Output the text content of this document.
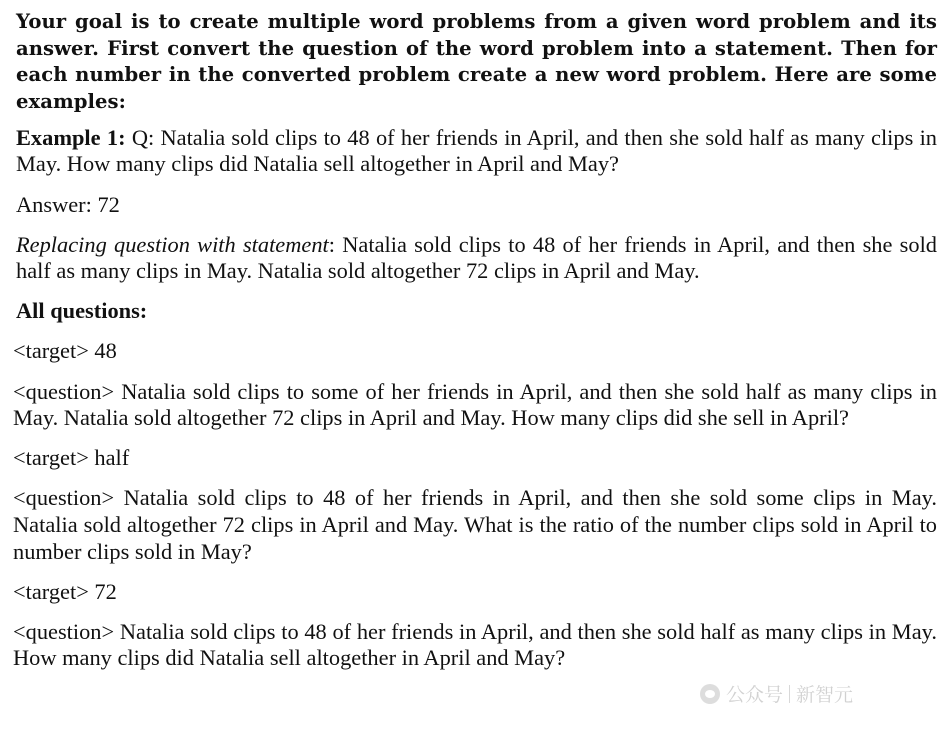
Your goal is to create multiple word problems from a given word problem and its answer. First convert the question of the word problem into a statement. Then for each number in the converted problem create a new word problem. Here are some examples:

Example 1: Q: Natalia sold clips to 48 of her friends in April, and then she sold half as many clips in May. How many clips did Natalia sell altogether in April and May?

Answer: 72

Replacing question with statement: Natalia sold clips to 48 of her friends in April, and then she sold half as many clips in May. Natalia sold altogether 72 clips in April and May.

All questions:

<target> 48

<question> Natalia sold clips to some of her friends in April, and then she sold half as many clips in May. Natalia sold altogether 72 clips in April and May. How many clips did she sell in April?

<target> half

<question> Natalia sold clips to 48 of her friends in April, and then she sold some clips in May. Natalia sold altogether 72 clips in April and May. What is the ratio of the number clips sold in April to number clips sold in May?

<target> 72

<question> Natalia sold clips to 48 of her friends in April, and then she sold half as many clips in May. How many clips did Natalia sell altogether in April and May?

公众号 新智元
